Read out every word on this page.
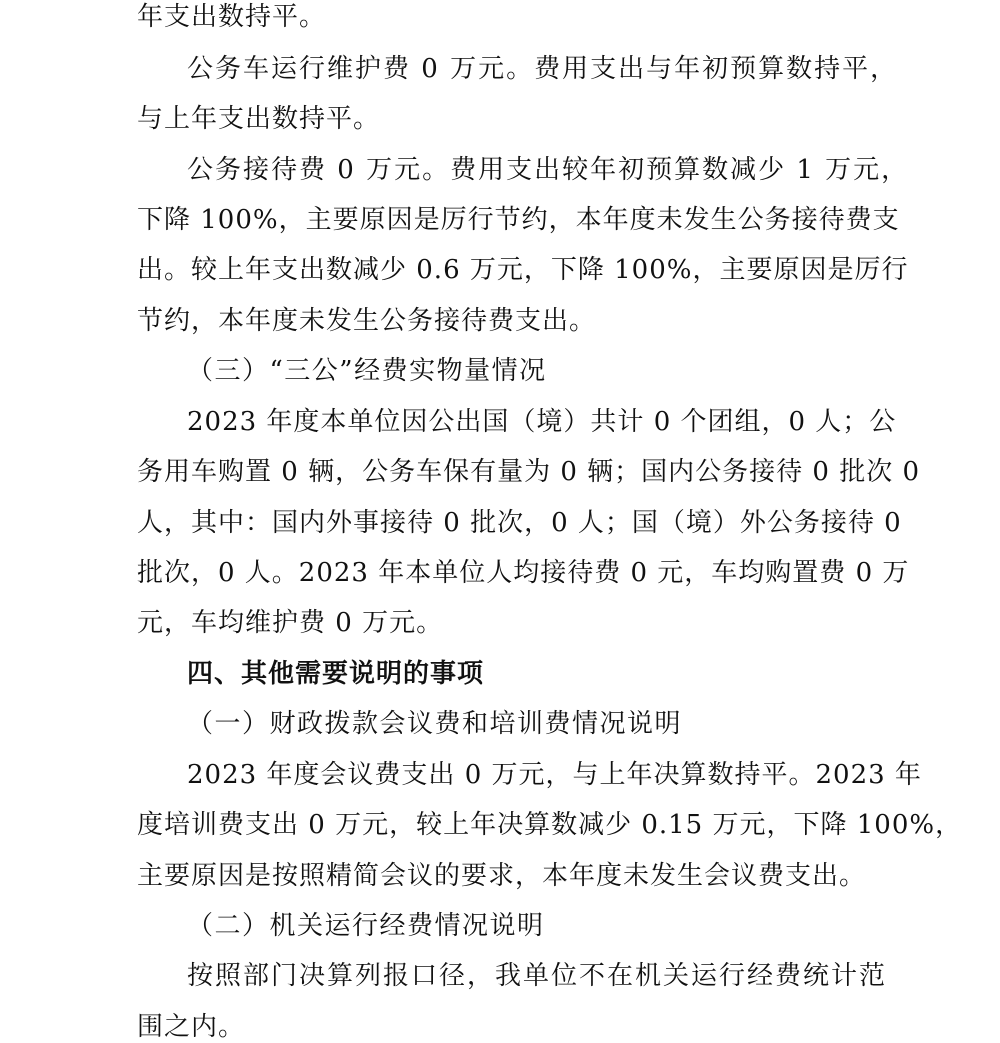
年支出数持平。
公务车运行维护费 0 万元。费用支出与年初预算数持平，
与上年支出数持平。
公务接待费 0 万元。费用支出较年初预算数减少 1 万元，
下降 100%，主要原因是厉行节约，本年度未发生公务接待费支
出。较上年支出数减少 0.6 万元，下降 100%，主要原因是厉行
节约，本年度未发生公务接待费支出。
（三）“三公”经费实物量情况
2023 年度本单位因公出国（境）共计 0 个团组，0 人；公
务用车购置 0 辆，公务车保有量为 0 辆；国内公务接待 0 批次 0
人，其中：国内外事接待 0 批次，0 人；国（境）外公务接待 0
批次，0 人。2023 年本单位人均接待费 0 元，车均购置费 0 万
元，车均维护费 0 万元。
四、其他需要说明的事项
（一）财政拨款会议费和培训费情况说明
2023 年度会议费支出 0 万元，与上年决算数持平。2023 年
度培训费支出 0 万元，较上年决算数减少 0.15 万元，下降 100%，
主要原因是按照精简会议的要求，本年度未发生会议费支出。
（二）机关运行经费情况说明
按照部门决算列报口径，我单位不在机关运行经费统计范
围之内。
